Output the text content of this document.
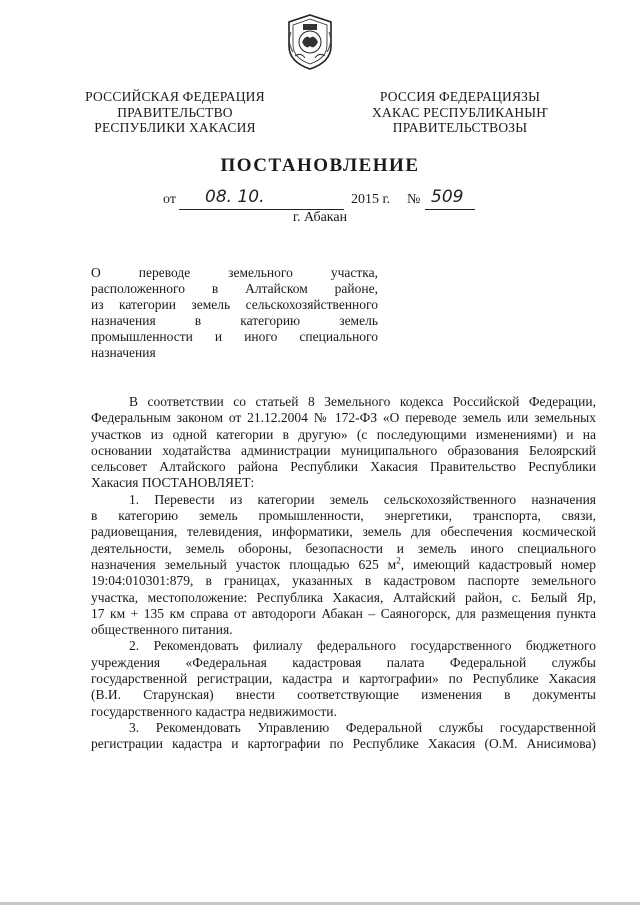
РОССИЙСКАЯ ФЕДЕРАЦИЯ
ПРАВИТЕЛЬСТВО
РЕСПУБЛИКИ ХАКАСИЯ
РОССИЯ ФЕДЕРАЦИЯЗЫ
ХАКАС РЕСПУБЛИКАНЫҤ
ПРАВИТЕЛЬСТВОЗЫ
ПОСТАНОВЛЕНИЕ
от 08. 10.	2015 г. № 509
г. Абакан
О переводе земельного участка,
расположенного в Алтайском районе,
из категории земель сельскохозяйственного
назначения в категорию земель
промышленности и иного специального
назначения
В соответствии со статьей 8 Земельного кодекса Российской Федерации,
Федеральным законом от 21.12.2004 № 172-ФЗ «О переводе земель или земельных
участков из одной категории в другую» (с последующими изменениями) и на
основании ходатайства администрации муниципального образования Белоярский
сельсовет Алтайского района Республики Хакасия Правительство Республики
Хакасия ПОСТАНОВЛЯЕТ:
1. Перевести из категории земель сельскохозяйственного назначения
в категорию земель промышленности, энергетики, транспорта, связи,
радиовещания, телевидения, информатики, земель для обеспечения космической
деятельности, земель обороны, безопасности и земель иного специального
назначения земельный участок площадью 625 $м^2$, имеющий кадастровый номер
19:04:010301:879, в границах, указанных в кадастровом паспорте земельного
участка, местоположение: Республика Хакасия, Алтайский район, с. Белый Яр,
17 км + 135 км справа от автодороги Абакан – Саяногорск, для размещения пункта
общественного питания.
2. Рекомендовать филиалу федерального государственного бюджетного
учреждения «Федеральная кадастровая палата Федеральной службы
государственной регистрации, кадастра и картографии» по Республике Хакасия
(В.И. Старунская) внести соответствующие изменения в документы
государственного кадастра недвижимости.
3. Рекомендовать Управлению Федеральной службы государственной
регистрации кадастра и картографии по Республике Хакасия (О.М. Анисимова)
